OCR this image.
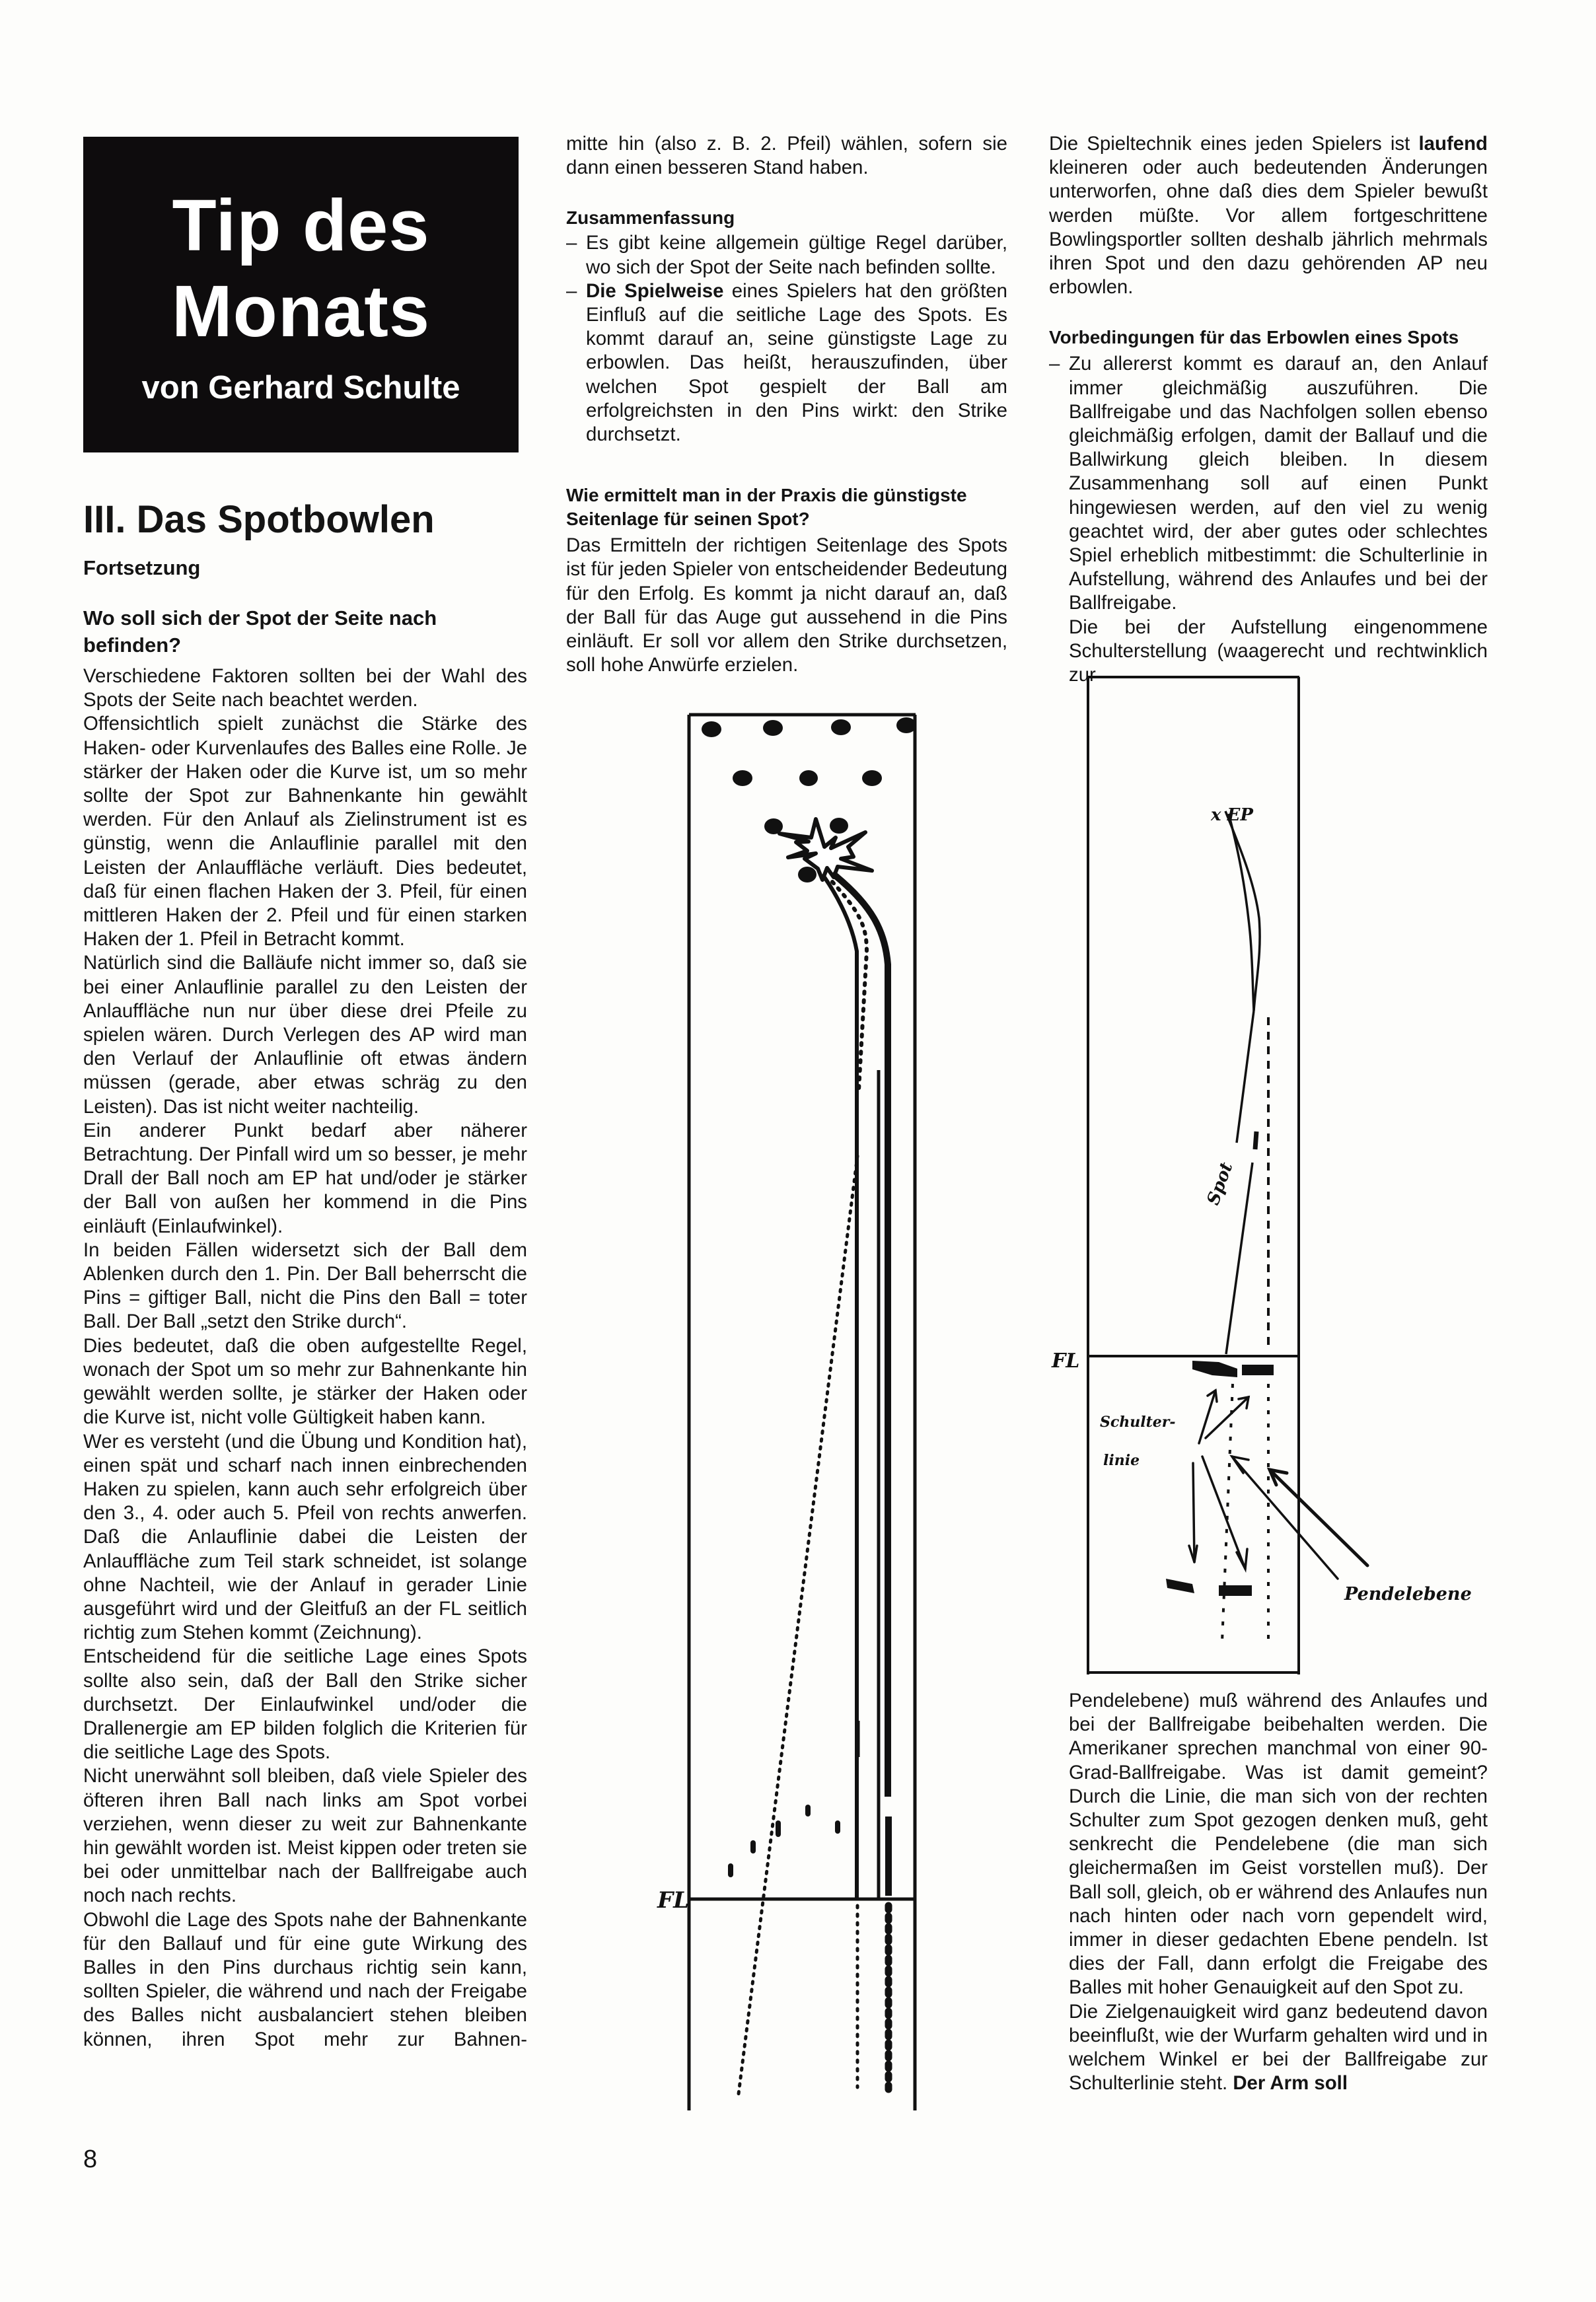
Tip des
Monats
von Gerhard Schulte
III. Das Spotbowlen
Fortsetzung
Wo soll sich der Spot der Seite nach befinden?

Verschiedene Faktoren sollten bei der Wahl des Spots der Seite nach beachtet werden.

Offensichtlich spielt zunächst die Stärke des Haken- oder Kurvenlaufes des Balles eine Rolle. Je stärker der Haken oder die Kurve ist, um so mehr sollte der Spot zur Bahnenkante hin gewählt werden. Für den Anlauf als Zielinstrument ist es günstig, wenn die Anlauflinie parallel mit den Leisten der Anlauffläche verläuft. Dies bedeutet, daß für einen flachen Haken der 3. Pfeil, für einen mittleren Haken der 2. Pfeil und für einen starken Haken der 1. Pfeil in Betracht kommt.

Natürlich sind die Balläufe nicht immer so, daß sie bei einer Anlauflinie parallel zu den Leisten der Anlauffläche nun nur über diese drei Pfeile zu spielen wären. Durch Verlegen des AP wird man den Verlauf der Anlauflinie oft etwas ändern müssen (gerade, aber etwas schräg zu den Leisten). Das ist nicht weiter nachteilig.

Ein anderer Punkt bedarf aber näherer Betrachtung. Der Pinfall wird um so besser, je mehr Drall der Ball noch am EP hat und/oder je stärker der Ball von außen her kommend in die Pins einläuft (Einlaufwinkel).

In beiden Fällen widersetzt sich der Ball dem Ablenken durch den 1. Pin. Der Ball beherrscht die Pins = giftiger Ball, nicht die Pins den Ball = toter Ball. Der Ball „setzt den Strike durch“.

Dies bedeutet, daß die oben aufgestellte Regel, wonach der Spot um so mehr zur Bahnenkante hin gewählt werden sollte, je stärker der Haken oder die Kurve ist, nicht volle Gültigkeit haben kann.

Wer es versteht (und die Übung und Kondition hat), einen spät und scharf nach innen einbrechenden Haken zu spielen, kann auch sehr erfolgreich über den 3., 4. oder auch 5. Pfeil von rechts anwerfen. Daß die Anlauflinie dabei die Leisten der Anlauffläche zum Teil stark schneidet, ist solange ohne Nachteil, wie der Anlauf in gerader Linie ausgeführt wird und der Gleitfuß an der FL seitlich richtig zum Stehen kommt (Zeichnung).

Entscheidend für die seitliche Lage eines Spots sollte also sein, daß der Ball den Strike sicher durchsetzt. Der Einlaufwinkel und/oder die Drallenergie am EP bilden folglich die Kriterien für die seitliche Lage des Spots.

Nicht unerwähnt soll bleiben, daß viele Spieler des öfteren ihren Ball nach links am Spot vorbei verziehen, wenn dieser zu weit zur Bahnenkante hin gewählt worden ist. Meist kippen oder treten sie bei oder unmittelbar nach der Ballfreigabe auch noch nach rechts.

Obwohl die Lage des Spots nahe der Bahnenkante für den Ballauf und für eine gute Wirkung des Balles in den Pins durchaus richtig sein kann, sollten Spieler, die während und nach der Freigabe des Balles nicht ausbalanciert stehen bleiben können, ihren Spot mehr zur Bahnen-

mitte hin (also z. B. 2. Pfeil) wählen, sofern sie dann einen besseren Stand haben.

Zusammenfassung

– Es gibt keine allgemein gültige Regel darüber, wo sich der Spot der Seite nach befinden sollte.
– Die Spielweise eines Spielers hat den größten Einfluß auf die seitliche Lage des Spots. Es kommt darauf an, seine günstigste Lage zu erbowlen. Das heißt, herauszufinden, über welchen Spot gespielt der Ball am erfolgreichsten in den Pins wirkt: den Strike durchsetzt.

Wie ermittelt man in der Praxis die günstigste Seitenlage für seinen Spot?

Das Ermitteln der richtigen Seitenlage des Spots ist für jeden Spieler von entscheidender Bedeutung für den Erfolg. Es kommt ja nicht darauf an, daß der Ball für das Auge gut aussehend in die Pins einläuft. Er soll vor allem den Strike durchsetzen, soll hohe Anwürfe erzielen.

FL

Die Spieltechnik eines jeden Spielers ist laufend kleineren oder auch bedeutenden Änderungen unterworfen, ohne daß dies dem Spieler bewußt werden müßte. Vor allem fortgeschrittene Bowlingsportler sollten deshalb jährlich mehrmals ihren Spot und den dazu gehörenden AP neu erbowlen.

Vorbedingungen für das Erbowlen eines Spots

– Zu allererst kommt es darauf an, den Anlauf immer gleichmäßig auszuführen. Die Ballfreigabe und das Nachfolgen sollen ebenso gleichmäßig erfolgen, damit der Ballauf und die Ballwirkung gleich bleiben. In diesem Zusammenhang soll auf einen Punkt hingewiesen werden, auf den viel zu wenig geachtet wird, der aber gutes oder schlechtes Spiel erheblich mitbestimmt: die Schulterlinie in Aufstellung, während des Anlaufes und bei der Ballfreigabe.

Die bei der Aufstellung eingenommene Schulterstellung (waagerecht und rechtwinklich zur

x EP
Spot
FL
Schulter-
linie
Pendelebene

Pendelebene) muß während des Anlaufes und bei der Ballfreigabe beibehalten werden. Die Amerikaner sprechen manchmal von einer 90-Grad-Ballfreigabe. Was ist damit gemeint? Durch die Linie, die man sich von der rechten Schulter zum Spot gezogen denken muß, geht senkrecht die Pendelebene (die man sich gleichermaßen im Geist vorstellen muß). Der Ball soll, gleich, ob er während des Anlaufes nun nach hinten oder nach vorn gependelt wird, immer in dieser gedachten Ebene pendeln. Ist dies der Fall, dann erfolgt die Freigabe des Balles mit hoher Genauigkeit auf den Spot zu.

Die Zielgenauigkeit wird ganz bedeutend davon beeinflußt, wie der Wurfarm gehalten wird und in welchem Winkel er bei der Ballfreigabe zur Schulterlinie steht. Der Arm soll

8
